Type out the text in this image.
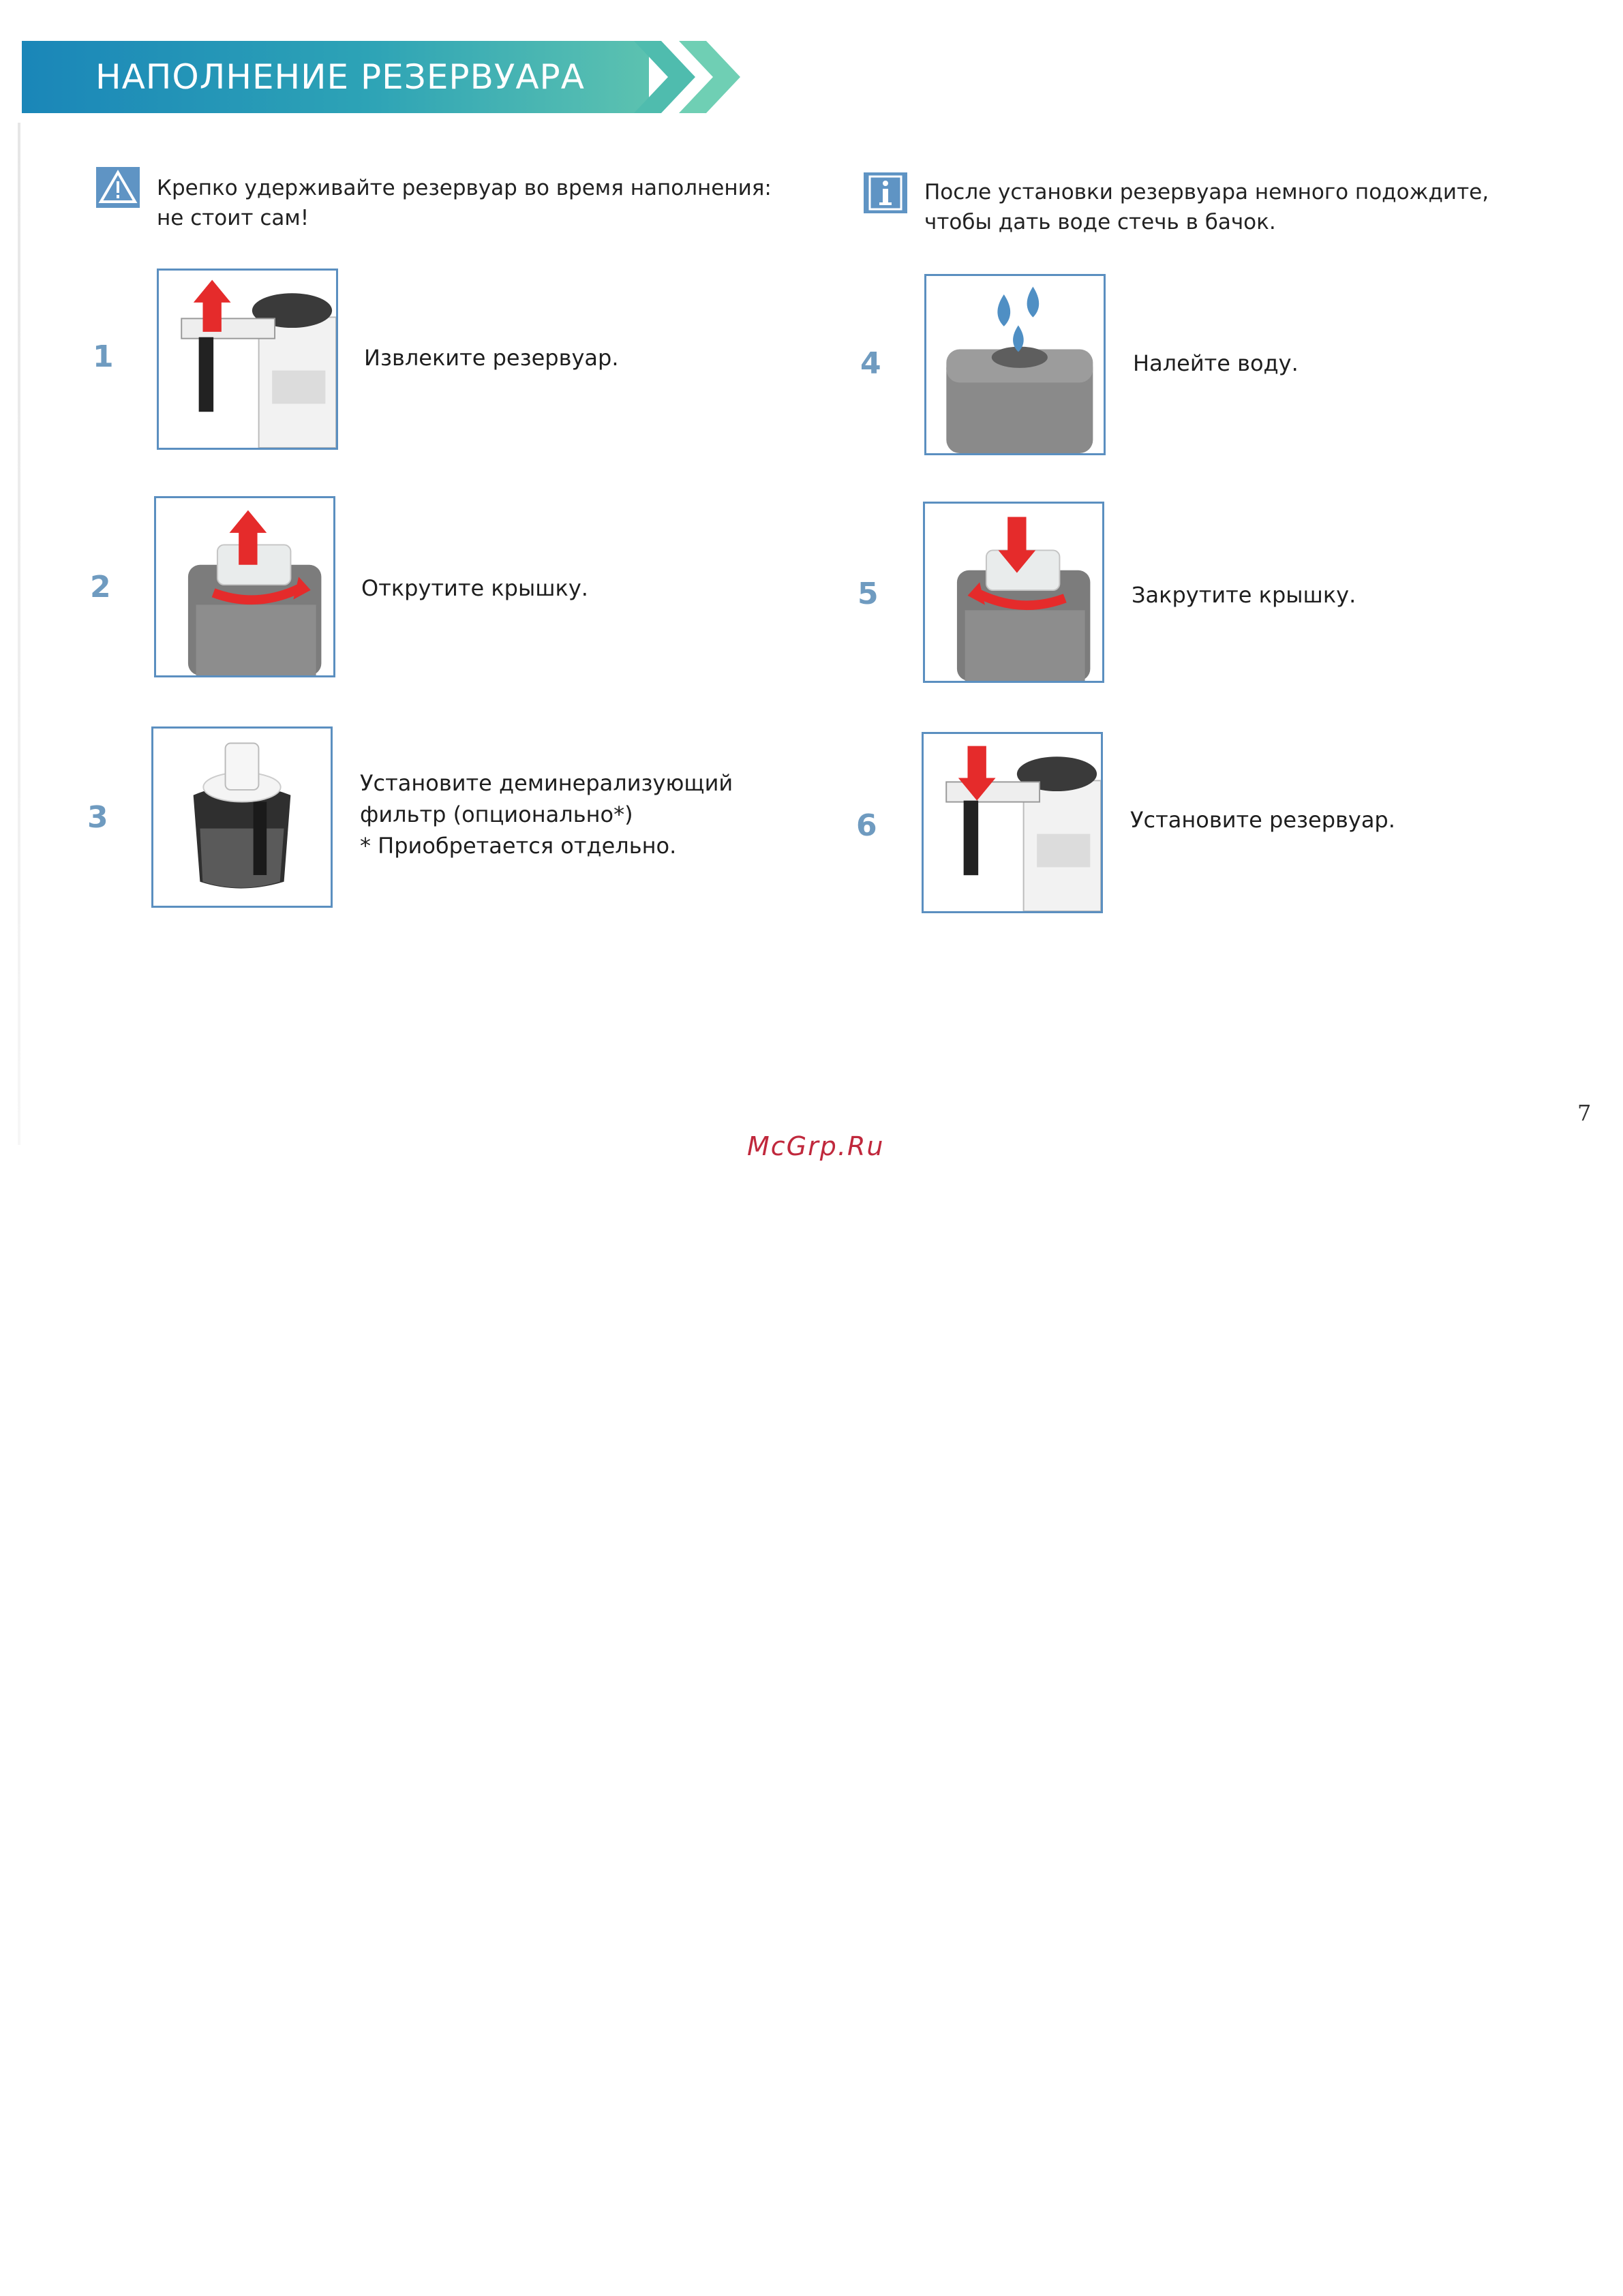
НАПОЛНЕНИЕ РЕЗЕРВУАРА
Крепко удерживайте резервуар во время наполнения:
не стоит сам!
После установки резервуара немного подождите,
чтобы дать воде стечь в бачок.
1	Извлеките резервуар.
2	Открутите крышку.
3
Установите деминерализующий
фильтр (опционально*)
* Приобретается отдельно.
4	Налейте воду.
5	Закрутите крышку.
6	Установите резервуар.
7
McGrp.Ru
